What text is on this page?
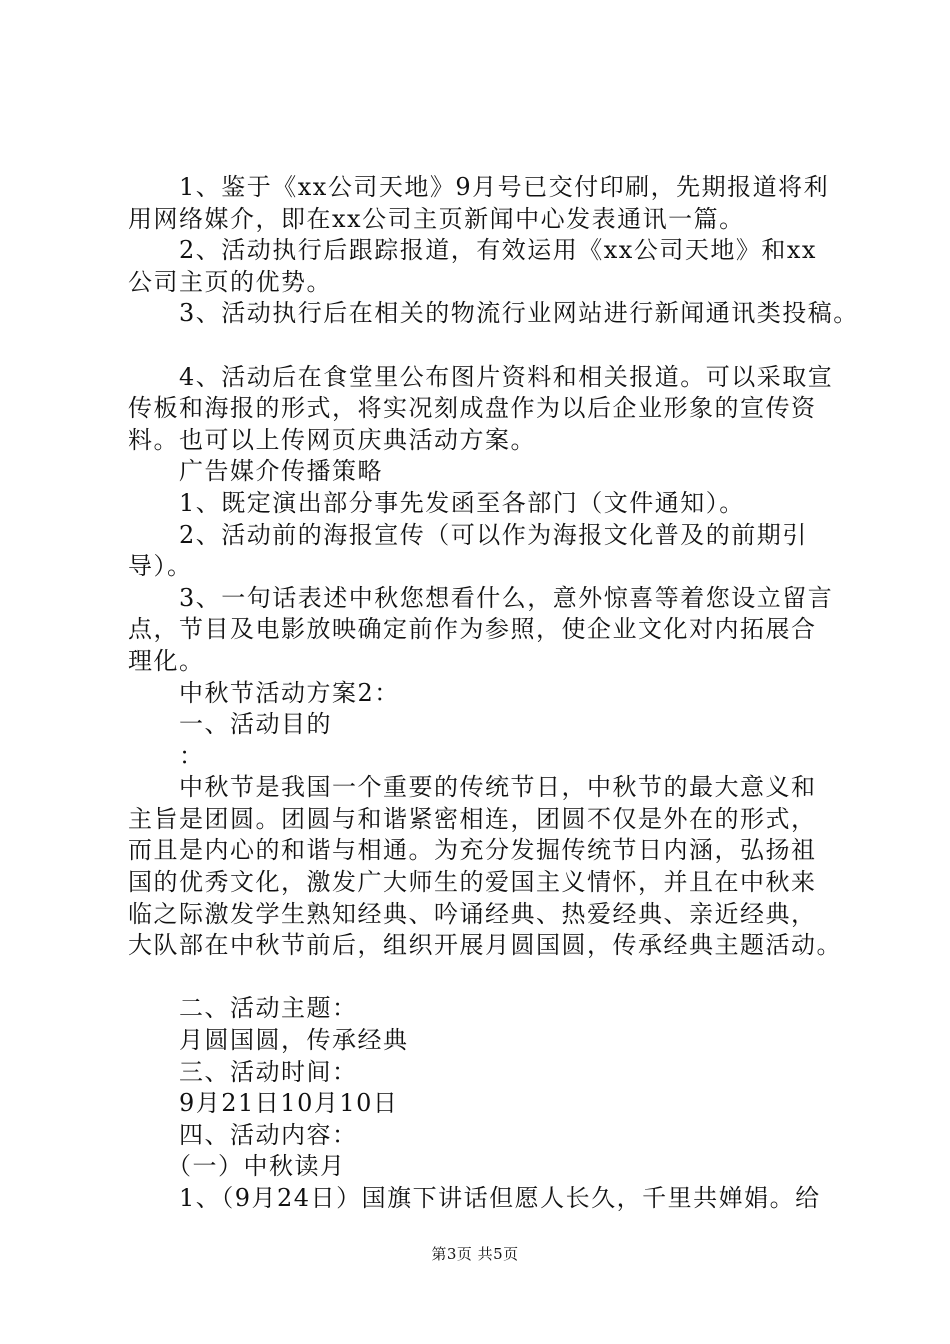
　　1、鉴于《xx公司天地》9月号已交付印刷，先期报道将利

用网络媒介，即在xx公司主页新闻中心发表通讯一篇。

　　2、活动执行后跟踪报道，有效运用《xx公司天地》和xx

公司主页的优势。

　　3、活动执行后在相关的物流行业网站进行新闻通讯类投稿。

　　4、活动后在食堂里公布图片资料和相关报道。可以采取宣

传板和海报的形式，将实况刻成盘作为以后企业形象的宣传资

料。也可以上传网页庆典活动方案。

　　广告媒介传播策略

　　1、既定演出部分事先发函至各部门（文件通知）。

　　2、活动前的海报宣传（可以作为海报文化普及的前期引

导）。

　　3、一句话表述中秋您想看什么，意外惊喜等着您设立留言

点，节目及电影放映确定前作为参照，使企业文化对内拓展合

理化。

　　中秋节活动方案2：

　　一、活动目的

　　：

　　中秋节是我国一个重要的传统节日，中秋节的最大意义和

主旨是团圆。团圆与和谐紧密相连，团圆不仅是外在的形式，

而且是内心的和谐与相通。为充分发掘传统节日内涵，弘扬祖

国的优秀文化，激发广大师生的爱国主义情怀，并且在中秋来

临之际激发学生熟知经典、吟诵经典、热爱经典、亲近经典，

大队部在中秋节前后，组织开展月圆国圆，传承经典主题活动。

　　二、活动主题：

　　月圆国圆，传承经典

　　三、活动时间：

　　9月21日10月10日

　　四、活动内容：

　　（一）中秋读月

　　1、（9月24日）国旗下讲话但愿人长久，千里共婵娟。给

第3页 共5页
